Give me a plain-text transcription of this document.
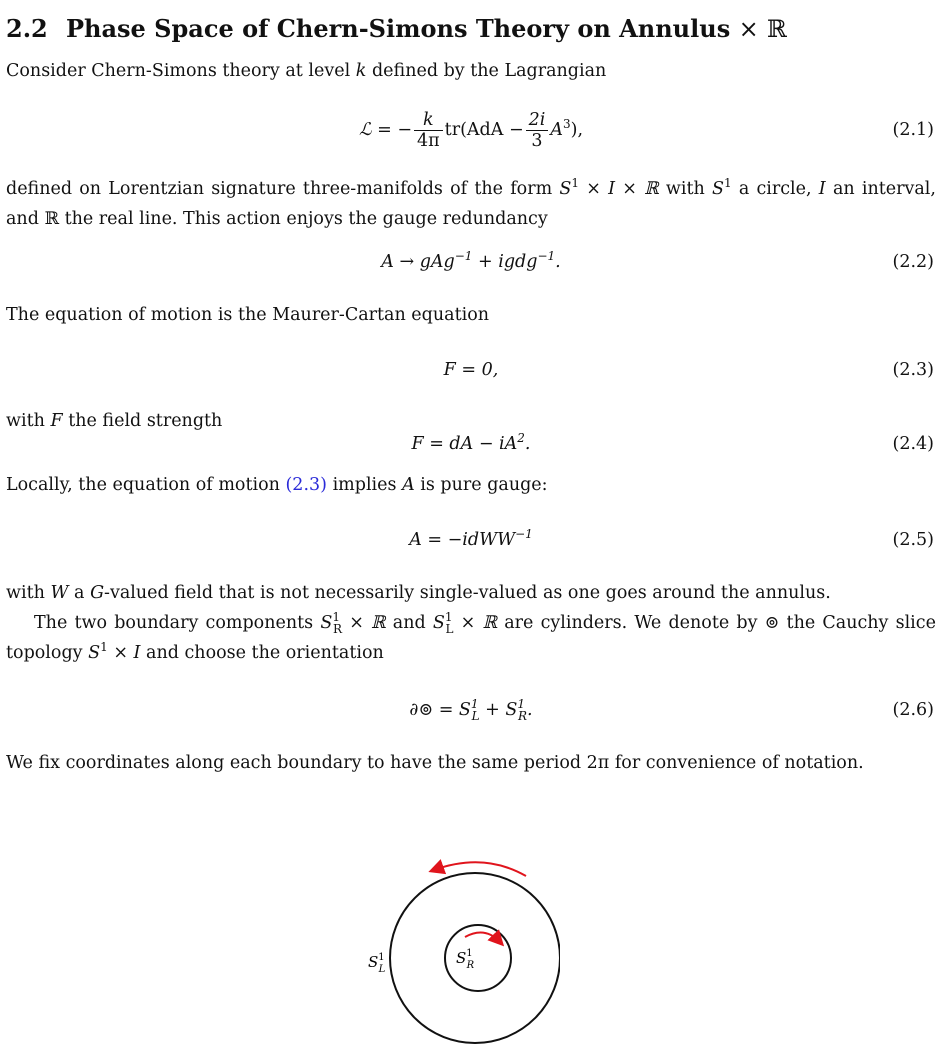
2.2 Phase Space of Chern-Simons Theory on Annulus × ℝ

Consider Chern-Simons theory at level k defined by the Lagrangian

ℒ = − $\frac{k}{4\pi} tr(AdA - \frac{2i}{3} A^3)$,	(2.1)

defined on Lorentzian signature three-manifolds of the form $S^1 \times I$ × ℝ with $S^1$ a circle, I an interval, and ℝ the real line. This action enjoys the gauge redundancy

A → gAg$^{-1}$ + igdg$^{-1}$.	(2.2)

The equation of motion is the Maurer-Cartan equation

F = 0,	(2.3)

with F the field strength

F = dA − $iA^2$.	(2.4)

Locally, the equation of motion (2.3) implies A is pure gauge:

A = −idWW$^{-1}$	(2.5)

with W a G-valued field that is not necessarily single-valued as one goes around the annulus.

The two boundary components $S^1_R$ × ℝ and $S^1_L$ × ℝ are cylinders. We denote by ⊚ the Cauchy slice topology $S^1 \times I$ and choose the orientation

∂⊚ = $S^1_L + S^1_R$.	(2.6)

We fix coordinates along each boundary to have the same period 2π for convenience of notation.

$S^1$ L
$S^1$ R
